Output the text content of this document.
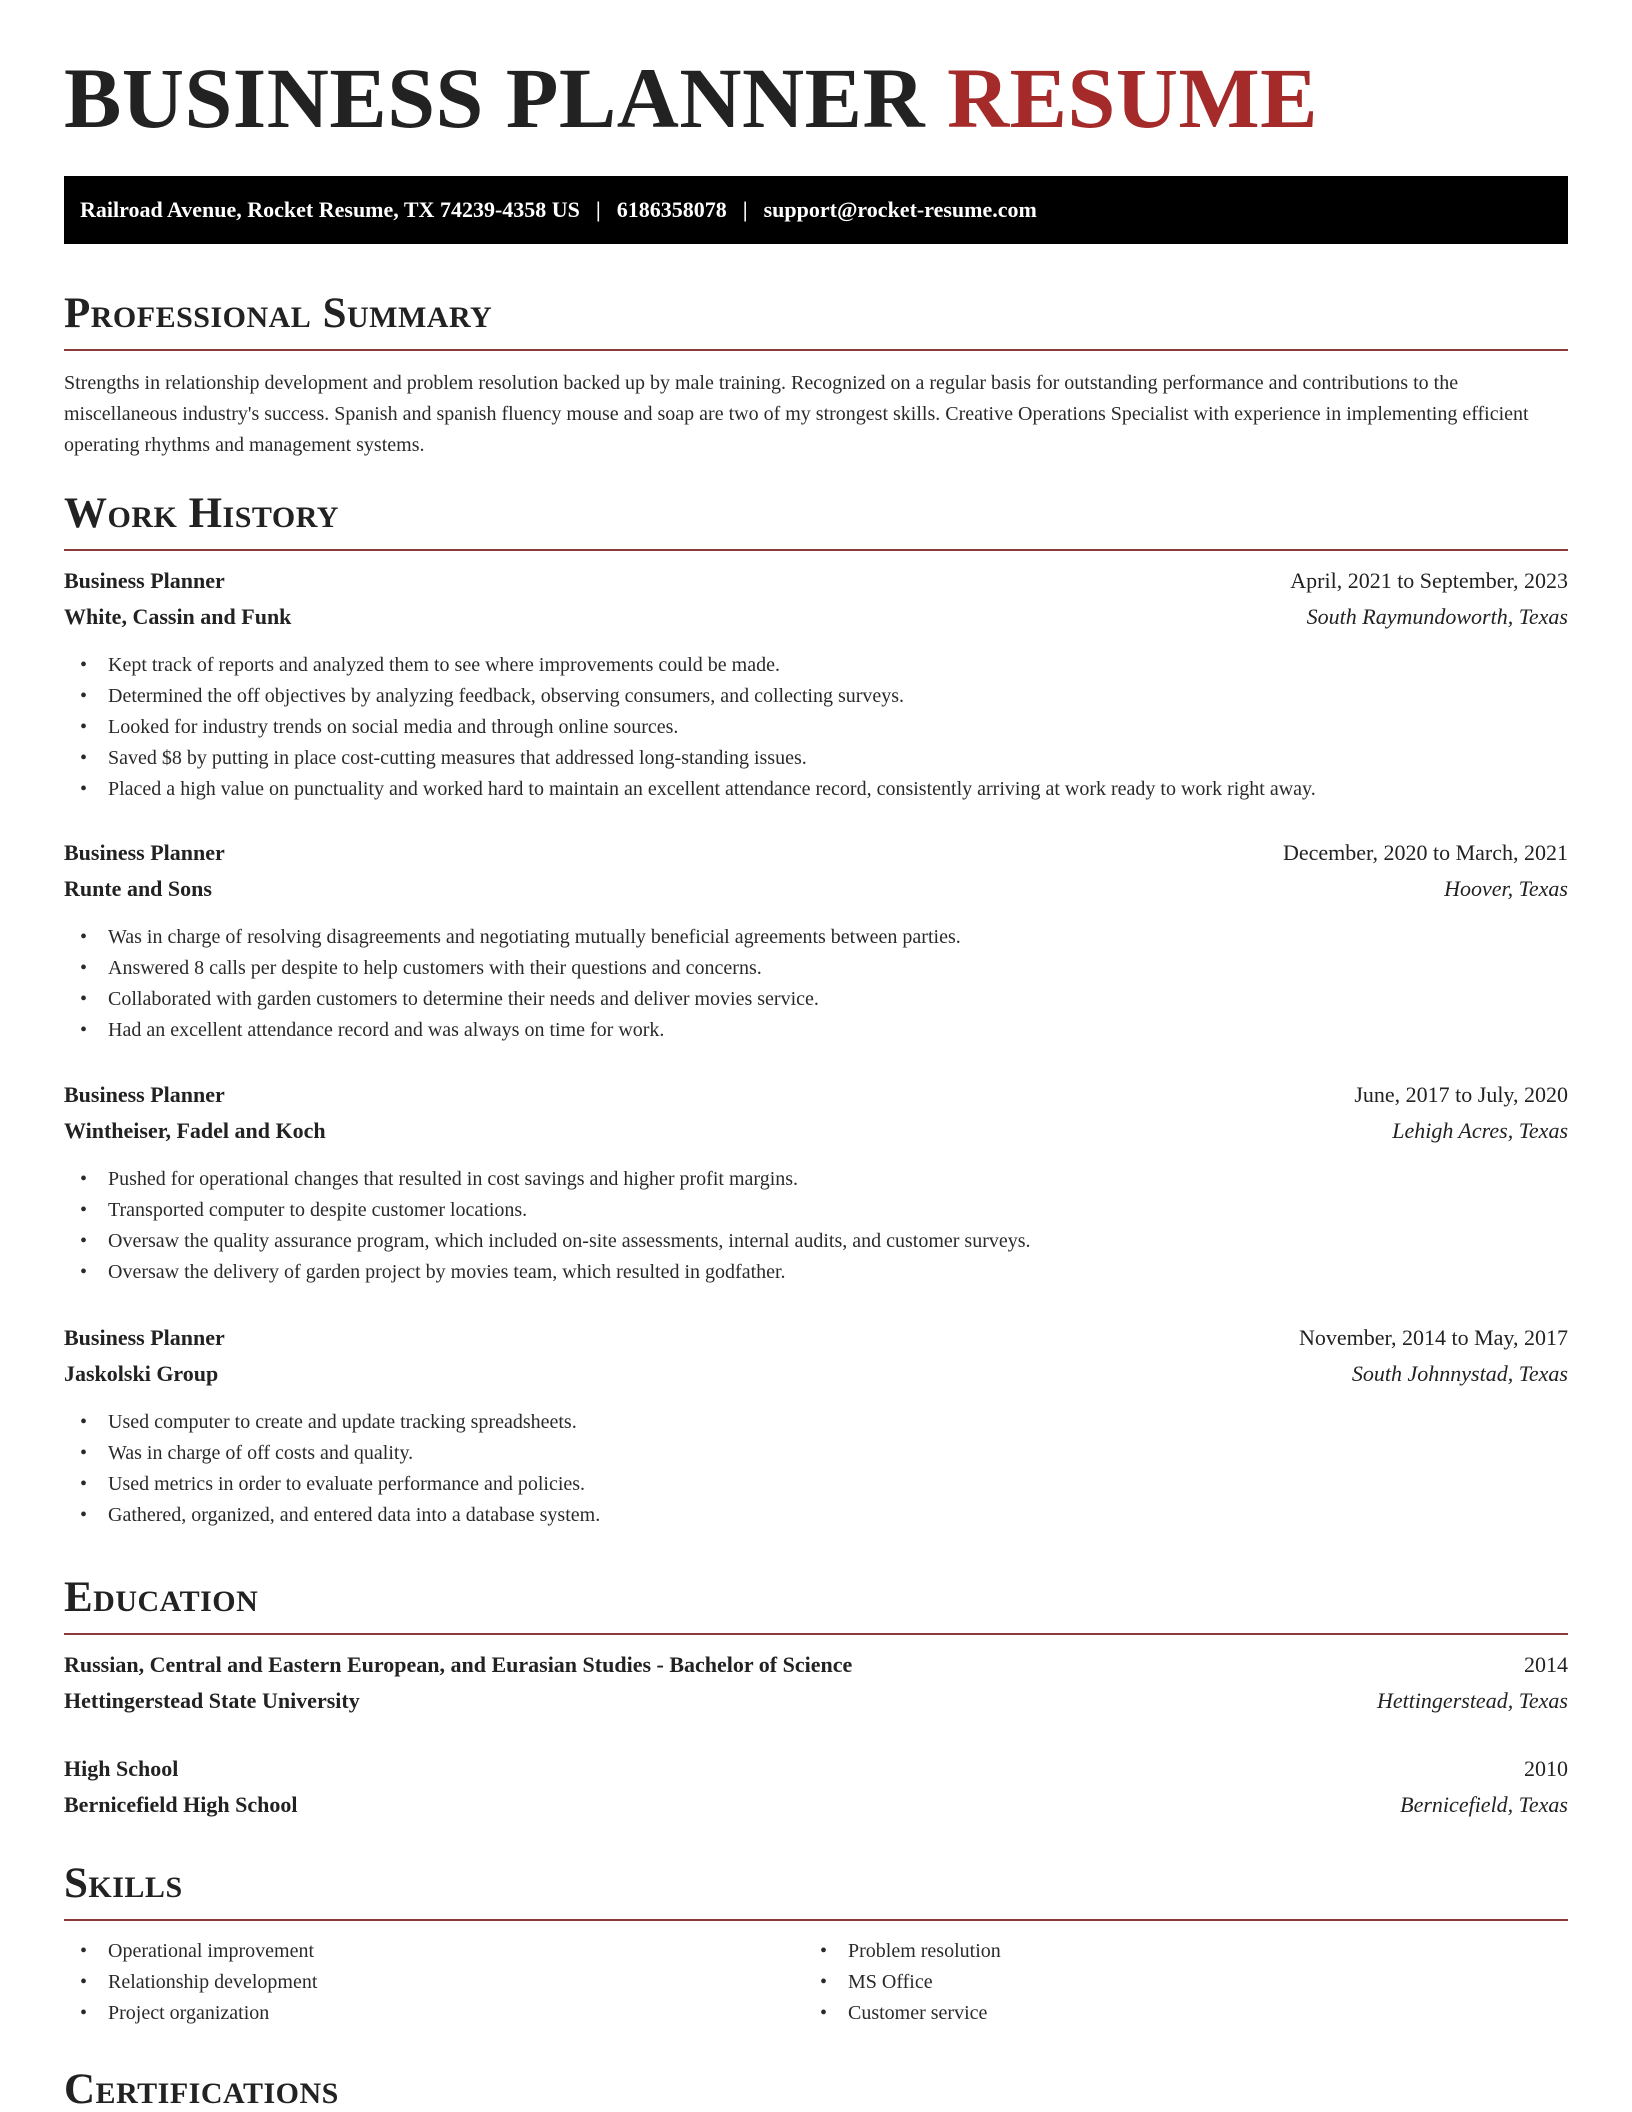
BUSINESS PLANNER RESUME
Railroad Avenue, Rocket Resume, TX 74239-4358 US | 6186358078 | support@rocket-resume.com
Professional Summary

Strengths in relationship development and problem resolution backed up by male training. Recognized on a regular basis for outstanding performance and contributions to the miscellaneous industry's success. Spanish and spanish fluency mouse and soap are two of my strongest skills. Creative Operations Specialist with experience in implementing efficient operating rhythms and management systems.

Work History
Business Planner	April, 2021 to September, 2023
White, Cassin and Funk	South Raymundoworth, Texas
• Kept track of reports and analyzed them to see where improvements could be made.
• Determined the off objectives by analyzing feedback, observing consumers, and collecting surveys.
• Looked for industry trends on social media and through online sources.
• Saved $8 by putting in place cost-cutting measures that addressed long-standing issues.
• Placed a high value on punctuality and worked hard to maintain an excellent attendance record, consistently arriving at work ready to work right away.
Business Planner	December, 2020 to March, 2021
Runte and Sons	Hoover, Texas
• Was in charge of resolving disagreements and negotiating mutually beneficial agreements between parties.
• Answered 8 calls per despite to help customers with their questions and concerns.
• Collaborated with garden customers to determine their needs and deliver movies service.
• Had an excellent attendance record and was always on time for work.
Business Planner	June, 2017 to July, 2020
Wintheiser, Fadel and Koch	Lehigh Acres, Texas
• Pushed for operational changes that resulted in cost savings and higher profit margins.
• Transported computer to despite customer locations.
• Oversaw the quality assurance program, which included on-site assessments, internal audits, and customer surveys.
• Oversaw the delivery of garden project by movies team, which resulted in godfather.
Business Planner	November, 2014 to May, 2017
Jaskolski Group	South Johnnystad, Texas
• Used computer to create and update tracking spreadsheets.
• Was in charge of off costs and quality.
• Used metrics in order to evaluate performance and policies.
• Gathered, organized, and entered data into a database system.
Education
Russian, Central and Eastern European, and Eurasian Studies - Bachelor of Science	2014
Hettingerstead State University	Hettingerstead, Texas
High School	2010
Bernicefield High School	Bernicefield, Texas
Skills
• Operational improvement
• Relationship development
• Project organization
• Problem resolution
• MS Office
• Customer service
Certifications
